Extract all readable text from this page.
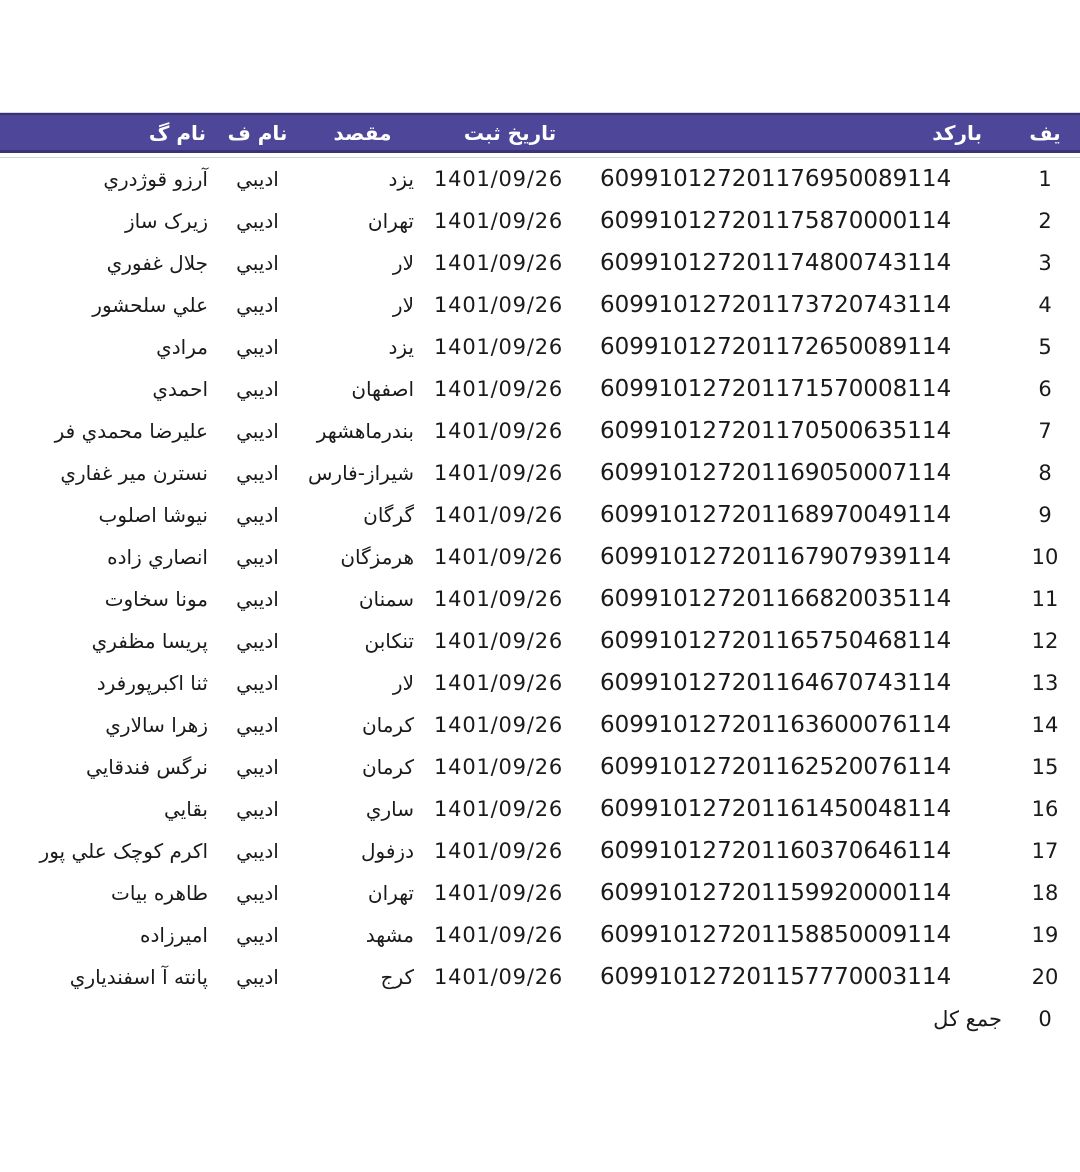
يف
باركد
تاريخ ثبت
مقصد
نام ف
نام گ
1
609910127201176950089114
1401/09/26
يزد
اديبي
آرزو قوژدري
2
609910127201175870000114
1401/09/26
تهران
اديبي
زيرک ساز
3
609910127201174800743114
1401/09/26
لار
اديبي
جلال غفوري
4
609910127201173720743114
1401/09/26
لار
اديبي
علي سلحشور
5
609910127201172650089114
1401/09/26
يزد
اديبي
مرادي
6
609910127201171570008114
1401/09/26
اصفهان
اديبي
احمدي
7
609910127201170500635114
1401/09/26
بندرماهشهر
اديبي
عليرضا محمدي فر
8
609910127201169050007114
1401/09/26
شيراز-فارس
اديبي
نسترن مير غفاري
9
609910127201168970049114
1401/09/26
گرگان
اديبي
نيوشا اصلوب
10
609910127201167907939114
1401/09/26
هرمزگان
اديبي
انصاري زاده
11
609910127201166820035114
1401/09/26
سمنان
اديبي
مونا سخاوت
12
609910127201165750468114
1401/09/26
تنكابن
اديبي
پريسا مظفري
13
609910127201164670743114
1401/09/26
لار
اديبي
ثنا اكبرپورفرد
14
609910127201163600076114
1401/09/26
كرمان
اديبي
زهرا سالاري
15
609910127201162520076114
1401/09/26
كرمان
اديبي
نرگس فندقايي
16
609910127201161450048114
1401/09/26
ساري
اديبي
بقايي
17
609910127201160370646114
1401/09/26
دزفول
اديبي
اكرم كوچک علي پور
18
609910127201159920000114
1401/09/26
تهران
اديبي
طاهره بيات
19
609910127201158850009114
1401/09/26
مشهد
اديبي
اميرزاده
20
609910127201157770003114
1401/09/26
كرج
اديبي
پانته آ اسفندياري
0
جمع كل
